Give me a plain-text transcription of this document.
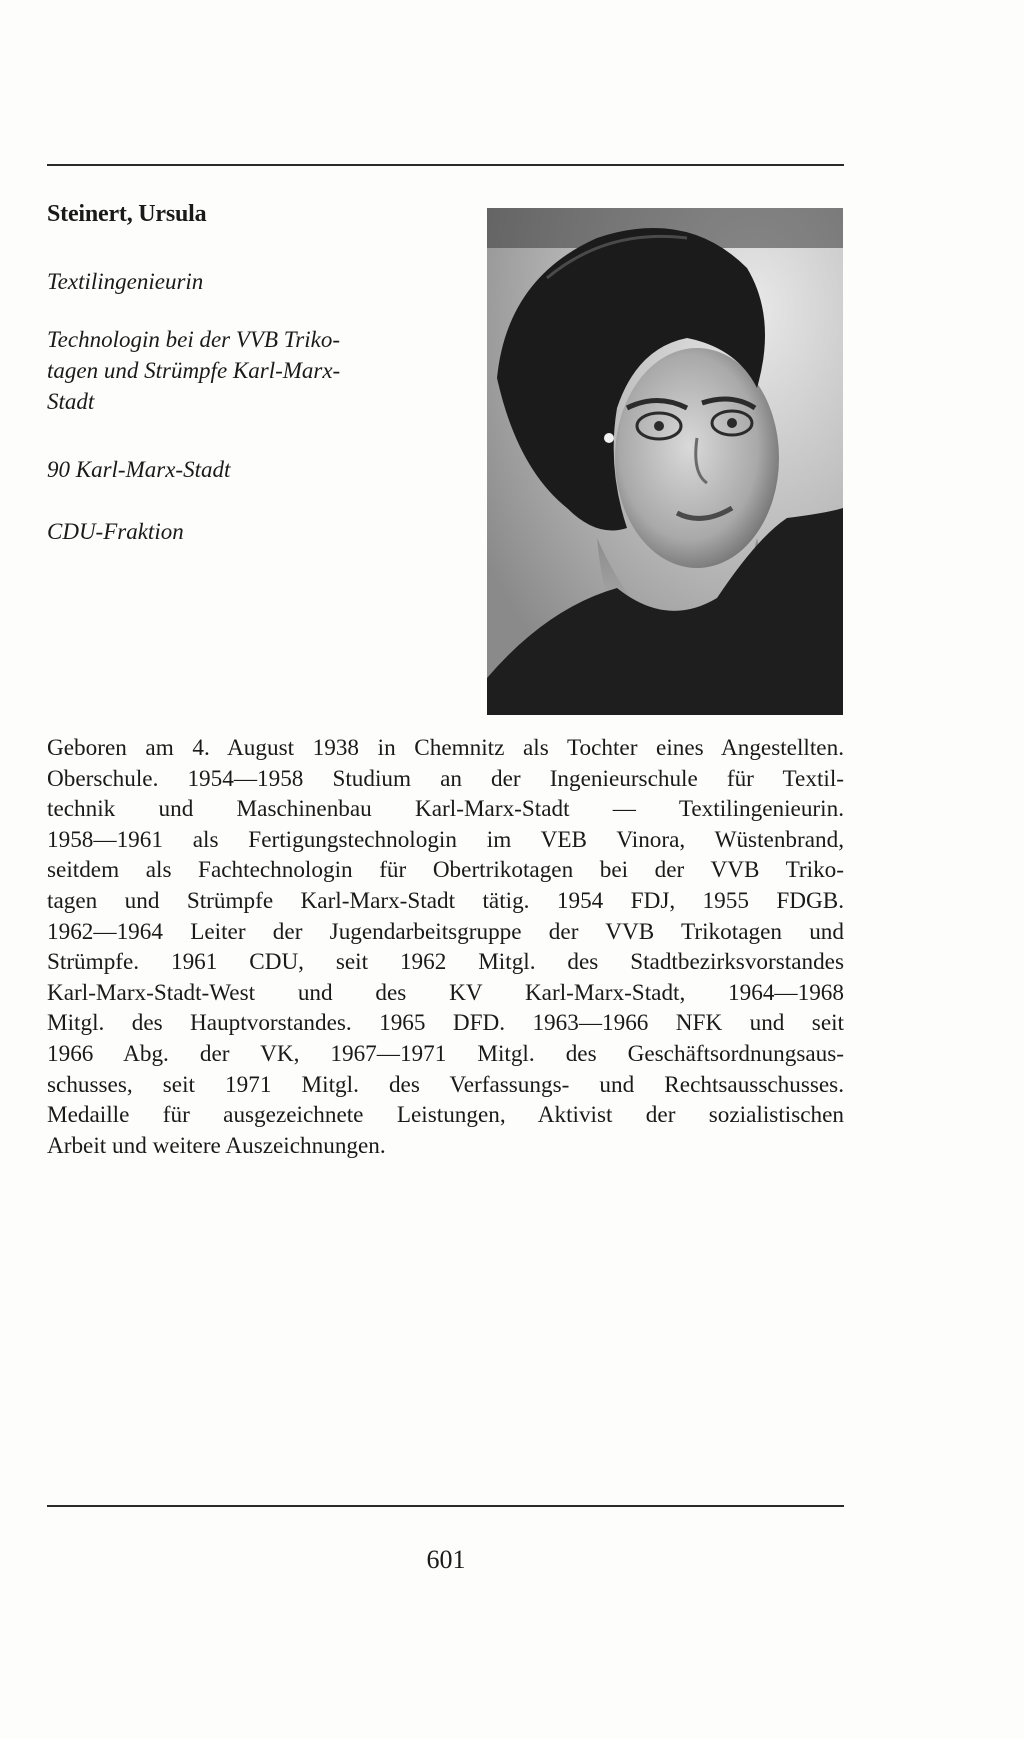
Steinert, Ursula
Textilingenieurin
Technologin bei der VVB Triko-
tagen und Strümpfe Karl-Marx-
Stadt
90 Karl-Marx-Stadt
CDU-Fraktion
Geboren am 4. August 1938 in Chemnitz als Tochter eines Angestellten.
Oberschule. 1954—1958 Studium an der Ingenieurschule für Textil-
technik und Maschinenbau Karl-Marx-Stadt — Textilingenieurin.
1958—1961 als Fertigungstechnologin im VEB Vinora, Wüstenbrand,
seitdem als Fachtechnologin für Obertrikotagen bei der VVB Triko-
tagen und Strümpfe Karl-Marx-Stadt tätig. 1954 FDJ, 1955 FDGB.
1962—1964 Leiter der Jugendarbeitsgruppe der VVB Trikotagen und
Strümpfe. 1961 CDU, seit 1962 Mitgl. des Stadtbezirksvorstandes
Karl-Marx-Stadt-West und des KV Karl-Marx-Stadt, 1964—1968
Mitgl. des Hauptvorstandes. 1965 DFD. 1963—1966 NFK und seit
1966 Abg. der VK, 1967—1971 Mitgl. des Geschäftsordnungsaus-
schusses, seit 1971 Mitgl. des Verfassungs- und Rechtsausschusses.
Medaille für ausgezeichnete Leistungen, Aktivist der sozialistischen
Arbeit und weitere Auszeichnungen.
601
